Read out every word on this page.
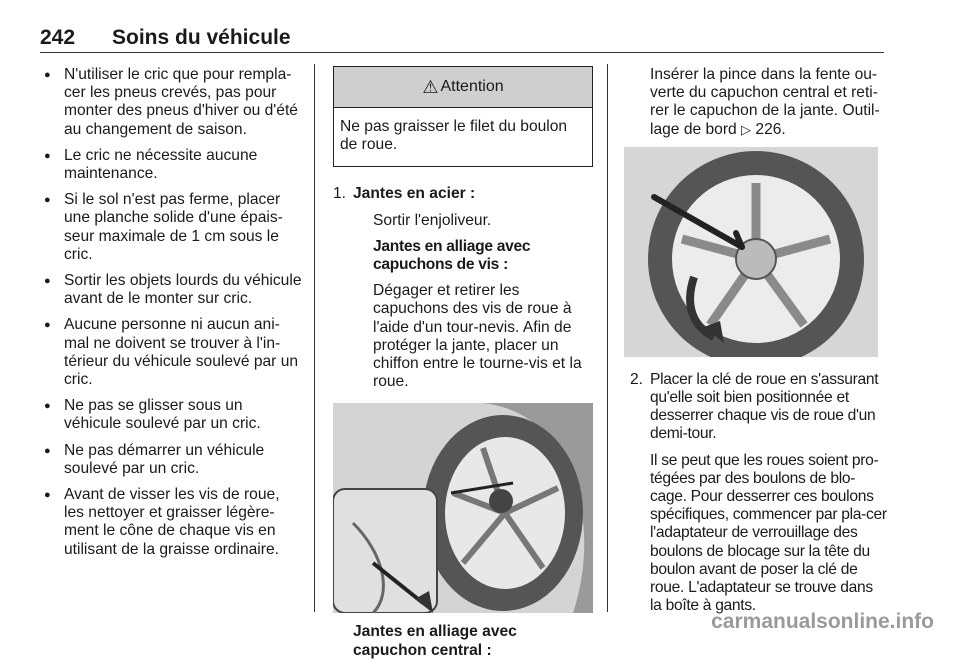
242 Soins du véhicule
● N'utiliser le cric que pour rempla-cer les pneus crevés, pas pour monter des pneus d'hiver ou d'été au changement de saison.
● Le cric ne nécessite aucune maintenance.
● Si le sol n'est pas ferme, placer une planche solide d'une épais-seur maximale de 1 cm sous le cric.
● Sortir les objets lourds du véhicule avant de le monter sur cric.
● Aucune personne ni aucun ani-mal ne doivent se trouver à l'in-térieur du véhicule soulevé par un cric.
● Ne pas se glisser sous un véhicule soulevé par un cric.
● Ne pas démarrer un véhicule soulevé par un cric.
● Avant de visser les vis de roue, les nettoyer et graisser légère-ment le cône de chaque vis en utilisant de la graisse ordinaire.
⚠ Attention
Ne pas graisser le filet du boulon de roue.
1. Jantes en acier :

Sortir l'enjoliveur.

Jantes en alliage avec capuchons de vis :

Dégager et retirer les capuchons des vis de roue à l'aide d'un tour-nevis. Afin de protéger la jante, placer un chiffon entre le tourne-vis et la roue.

Jantes en alliage avec capuchon central :

Insérer la pince dans la fente ou-verte du capuchon central et reti-rer le capuchon de la jante. Outil-lage de bord ▷ 226.

2. Placer la clé de roue en s'assurant qu'elle soit bien positionnée et desserrer chaque vis de roue d'un demi-tour.

Il se peut que les roues soient pro-tégées par des boulons de blo-cage. Pour desserrer ces boulons spécifiques, commencer par pla-cer l'adaptateur de verrouillage des boulons de blocage sur la tête du boulon avant de poser la clé de roue. L'adaptateur se trouve dans la boîte à gants.

carmanualsonline.info
